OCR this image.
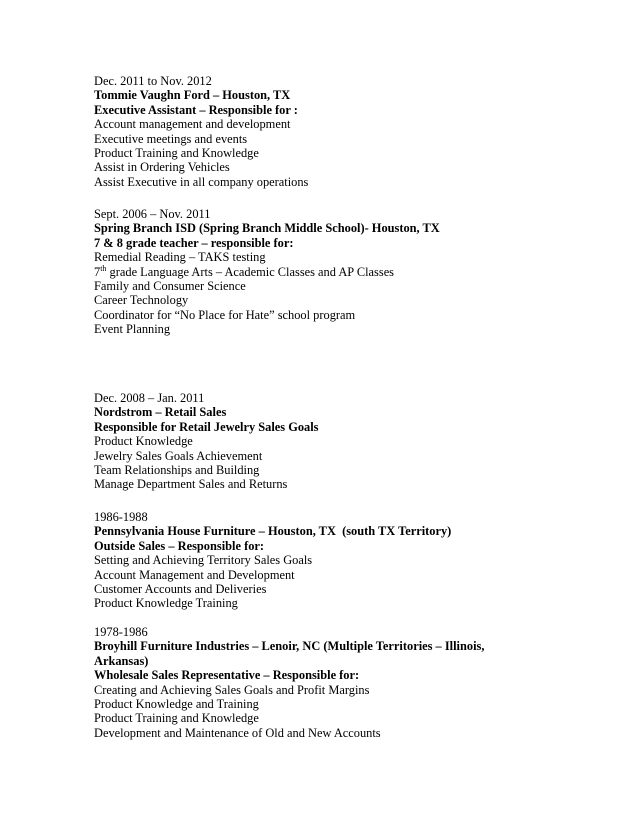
Dec. 2011 to Nov. 2012
Tommie Vaughn Ford – Houston, TX
Executive Assistant – Responsible for :
Account management and development
Executive meetings and events
Product Training and Knowledge
Assist in Ordering Vehicles
Assist Executive in all company operations
Sept. 2006 – Nov. 2011
Spring Branch ISD (Spring Branch Middle School)- Houston, TX
7 & 8 grade teacher – responsible for:
Remedial Reading – TAKS testing
7th grade Language Arts – Academic Classes and AP Classes
Family and Consumer Science
Career Technology
Coordinator for “No Place for Hate” school program
Event Planning
Dec. 2008 – Jan. 2011
Nordstrom – Retail Sales
Responsible for Retail Jewelry Sales Goals
Product Knowledge
Jewelry Sales Goals Achievement
Team Relationships and Building
Manage Department Sales and Returns
1986-1988
Pennsylvania House Furniture – Houston, TX  (south TX Territory)
Outside Sales – Responsible for:
Setting and Achieving Territory Sales Goals
Account Management and Development
Customer Accounts and Deliveries
Product Knowledge Training
1978-1986
Broyhill Furniture Industries – Lenoir, NC (Multiple Territories – Illinois, Arkansas)
Wholesale Sales Representative – Responsible for:
Creating and Achieving Sales Goals and Profit Margins
Product Knowledge and Training
Product Training and Knowledge
Development and Maintenance of Old and New Accounts
